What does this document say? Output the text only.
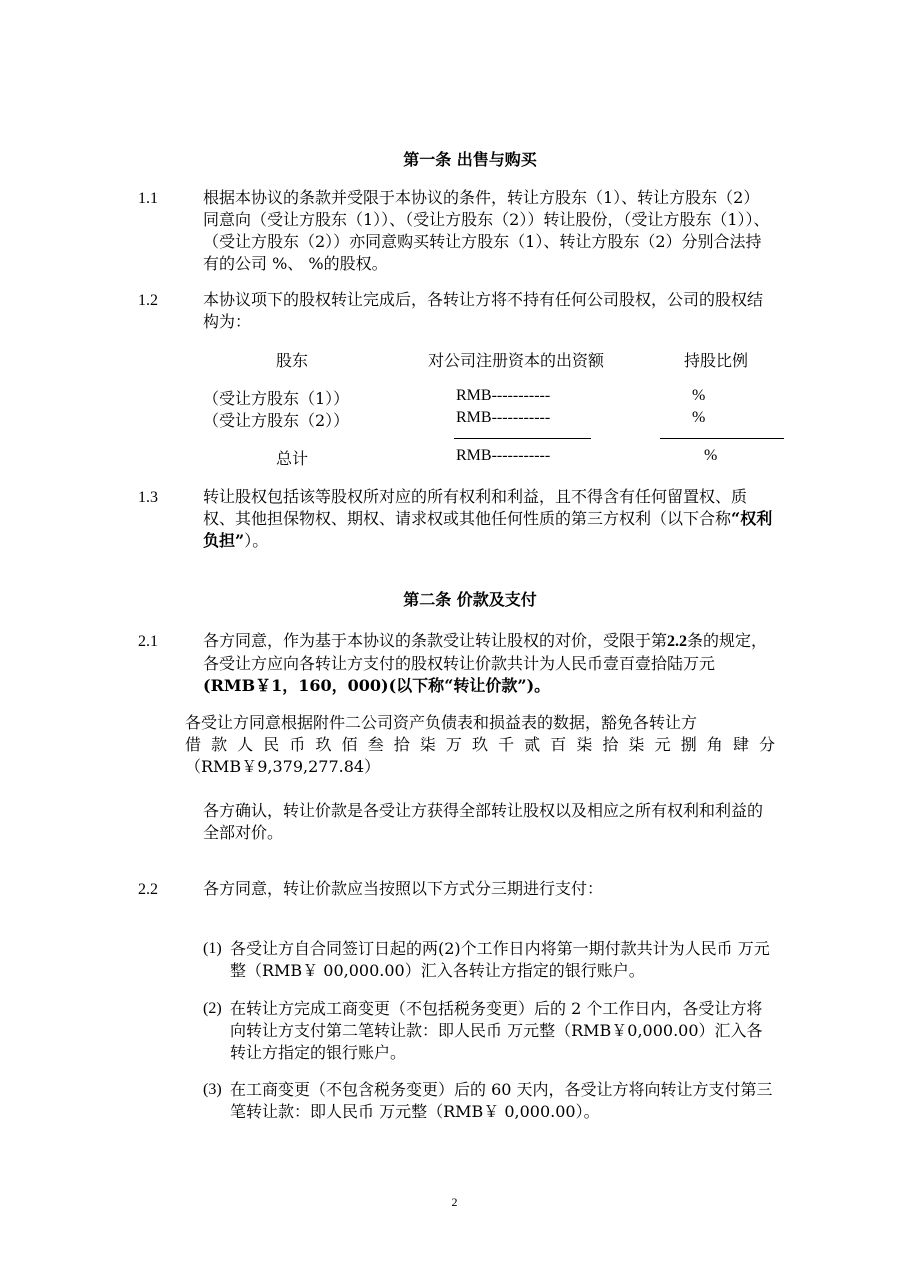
第一条 出售与购买
1.1	根据本协议的条款并受限于本协议的条件，转让方股东（1）、转让方股东（2）同意向（受让方股东（1））、（受让方股东（2））转让股份，（受让方股东（1））、（受让方股东（2））亦同意购买转让方股东（1）、转让方股东（2）分别合法持有的公司 %、 %的股权。
1.2	本协议项下的股权转让完成后，各转让方将不持有任何公司股权，公司的股权结构为：
股东	对公司注册资本的出资额	持股比例
（受让方股东（1））	RMB-----------	%
（受让方股东（2））	RMB-----------	%
总计	RMB-----------	%
1.3	转让股权包括该等股权所对应的所有权利和利益，且不得含有任何留置权、质权、其他担保物权、期权、请求权或其他任何性质的第三方权利（以下合称“权利负担”）。
第二条 价款及支付
2.1	各方同意，作为基于本协议的条款受让转让股权的对价，受限于第2.2条的规定，各受让方应向各转让方支付的股权转让价款共计为人民币壹百壹拾陆万元(RMB￥1，160，000)(以下称“转让价款”)。
各受让方同意根据附件二公司资产负债表和损益表的数据，豁免各转让方
借款人民币玖佰叁拾柒万玖千贰百柒拾柒元捌角肆分
（RMB￥9,379,277.84）
各方确认，转让价款是各受让方获得全部转让股权以及相应之所有权利和利益的全部对价。
2.2	各方同意，转让价款应当按照以下方式分三期进行支付：
(1) 各受让方自合同签订日起的两(2)个工作日内将第一期付款共计为人民币 万元整（RMB￥ 00,000.00）汇入各转让方指定的银行账户。
(2) 在转让方完成工商变更（不包括税务变更）后的 2 个工作日内，各受让方将向转让方支付第二笔转让款：即人民币 万元整（RMB￥0,000.00）汇入各转让方指定的银行账户。
(3) 在工商变更（不包含税务变更）后的 60 天内，各受让方将向转让方支付第三笔转让款：即人民币 万元整（RMB￥ 0,000.00）。
2
